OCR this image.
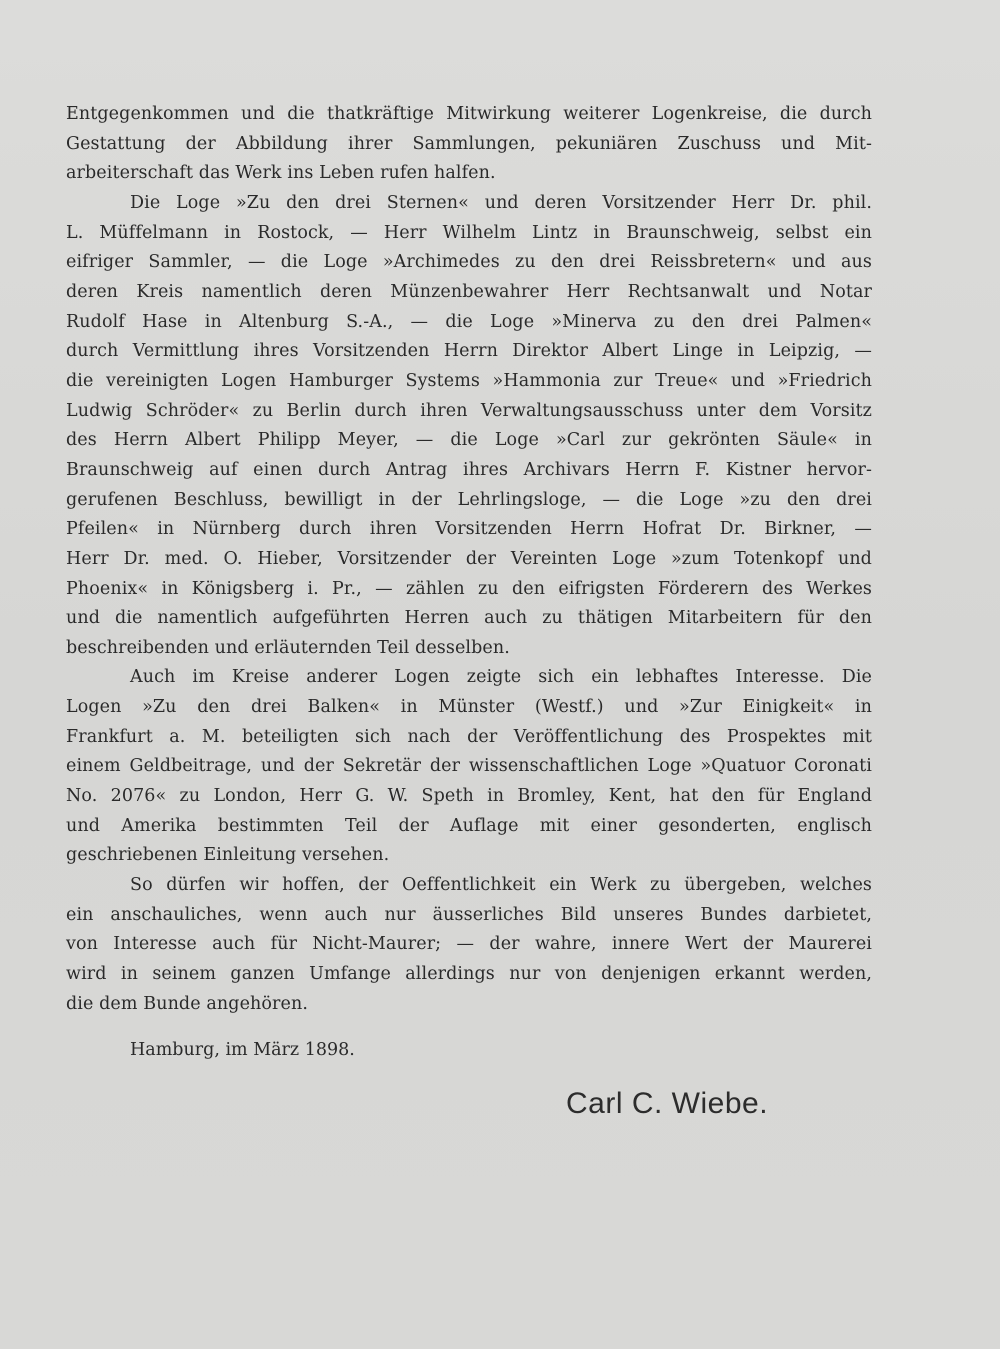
Entgegenkommen und die thatkräftige Mitwirkung weiterer Logenkreise, die durch
Gestattung der Abbildung ihrer Sammlungen, pekuniären Zuschuss und Mit-
arbeiterschaft das Werk ins Leben rufen halfen.
Die Loge »Zu den drei Sternen« und deren Vorsitzender Herr Dr. phil.
L. Müffelmann in Rostock, — Herr Wilhelm Lintz in Braunschweig, selbst ein
eifriger Sammler, — die Loge »Archimedes zu den drei Reissbretern« und aus
deren Kreis namentlich deren Münzenbewahrer Herr Rechtsanwalt und Notar
Rudolf Hase in Altenburg S.-A., — die Loge »Minerva zu den drei Palmen«
durch Vermittlung ihres Vorsitzenden Herrn Direktor Albert Linge in Leipzig, —
die vereinigten Logen Hamburger Systems »Hammonia zur Treue« und »Friedrich
Ludwig Schröder« zu Berlin durch ihren Verwaltungsausschuss unter dem Vorsitz
des Herrn Albert Philipp Meyer, — die Loge »Carl zur gekrönten Säule« in
Braunschweig auf einen durch Antrag ihres Archivars Herrn F. Kistner hervor-
gerufenen Beschluss, bewilligt in der Lehrlingsloge, — die Loge »zu den drei
Pfeilen« in Nürnberg durch ihren Vorsitzenden Herrn Hofrat Dr. Birkner, —
Herr Dr. med. O. Hieber, Vorsitzender der Vereinten Loge »zum Totenkopf und
Phoenix« in Königsberg i. Pr., — zählen zu den eifrigsten Förderern des Werkes
und die namentlich aufgeführten Herren auch zu thätigen Mitarbeitern für den
beschreibenden und erläuternden Teil desselben.
Auch im Kreise anderer Logen zeigte sich ein lebhaftes Interesse. Die
Logen »Zu den drei Balken« in Münster (Westf.) und »Zur Einigkeit« in
Frankfurt a. M. beteiligten sich nach der Veröffentlichung des Prospektes mit
einem Geldbeitrage, und der Sekretär der wissenschaftlichen Loge »Quatuor Coronati
No. 2076« zu London, Herr G. W. Speth in Bromley, Kent, hat den für England
und Amerika bestimmten Teil der Auflage mit einer gesonderten, englisch
geschriebenen Einleitung versehen.
So dürfen wir hoffen, der Oeffentlichkeit ein Werk zu übergeben, welches
ein anschauliches, wenn auch nur äusserliches Bild unseres Bundes darbietet,
von Interesse auch für Nicht-Maurer; — der wahre, innere Wert der Maurerei
wird in seinem ganzen Umfange allerdings nur von denjenigen erkannt werden,
die dem Bunde angehören.
Hamburg, im März 1898.
Carl C. Wiebe.
